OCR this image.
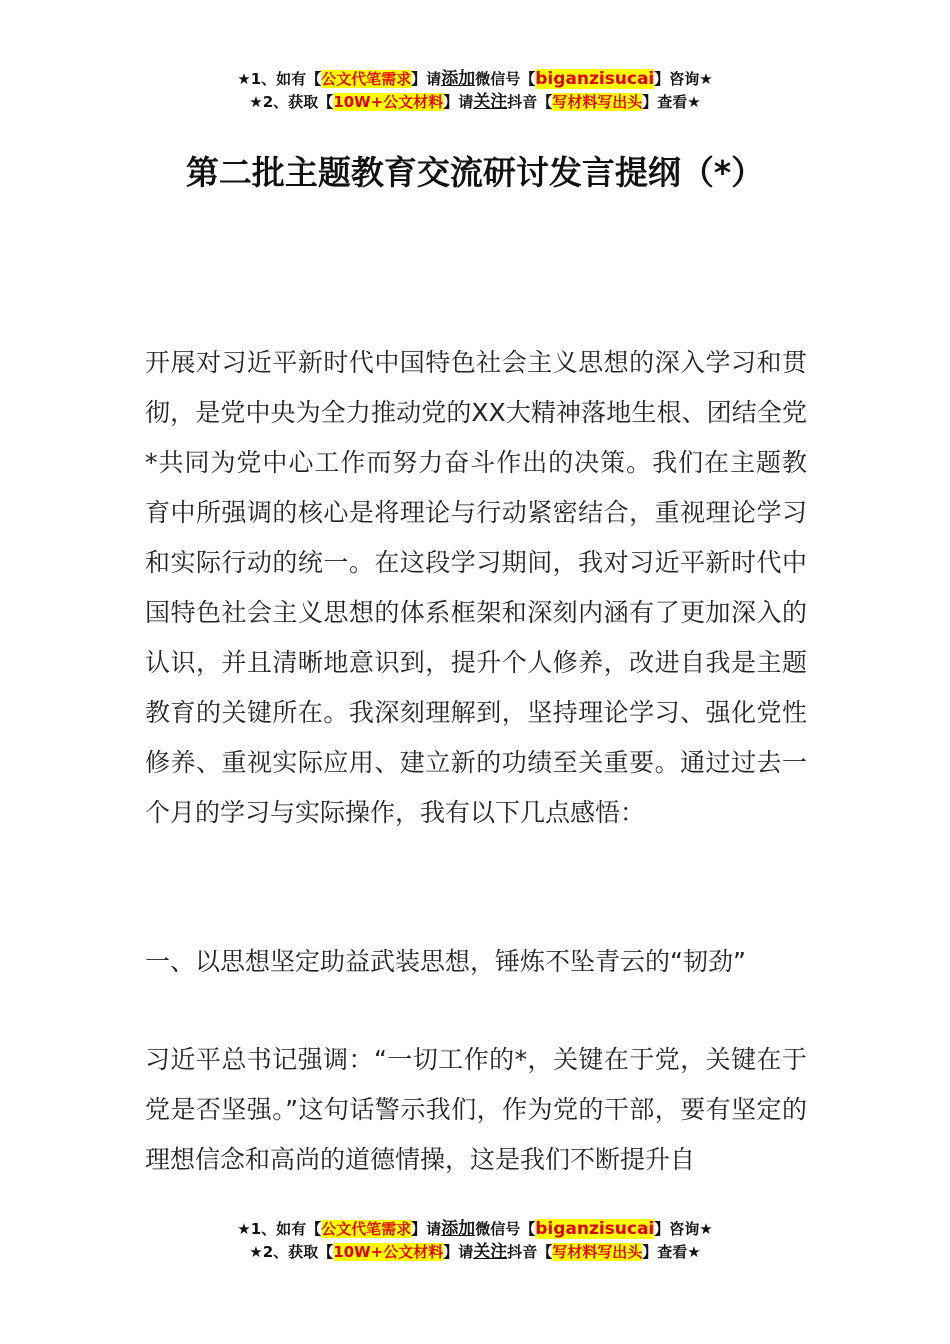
★1、如有【公文代笔需求】请添加微信号【biganzisucai】咨询★
★2、获取【10W+公文材料】请关注抖音【写材料写出头】查看★
第二批主题教育交流研讨发言提纲（*）

开展对习近平新时代中国特色社会主义思想的深入学习和贯彻，是党中央为全力推动党的XX大精神落地生根、团结全党*共同为党中心工作而努力奋斗作出的决策。我们在主题教育中所强调的核心是将理论与行动紧密结合，重视理论学习和实际行动的统一。在这段学习期间，我对习近平新时代中国特色社会主义思想的体系框架和深刻内涵有了更加深入的认识，并且清晰地意识到，提升个人修养，改进自我是主题教育的关键所在。我深刻理解到，坚持理论学习、强化党性修养、重视实际应用、建立新的功绩至关重要。通过过去一个月的学习与实际操作，我有以下几点感悟：

一、以思想坚定助益武装思想，锤炼不坠青云的“韧劲”

习近平总书记强调：“一切工作的*，关键在于党，关键在于党是否坚强。”这句话警示我们，作为党的干部，要有坚定的理想信念和高尚的道德情操，这是我们不断提升自

★1、如有【公文代笔需求】请添加微信号【biganzisucai】咨询★
★2、获取【10W+公文材料】请关注抖音【写材料写出头】查看★
